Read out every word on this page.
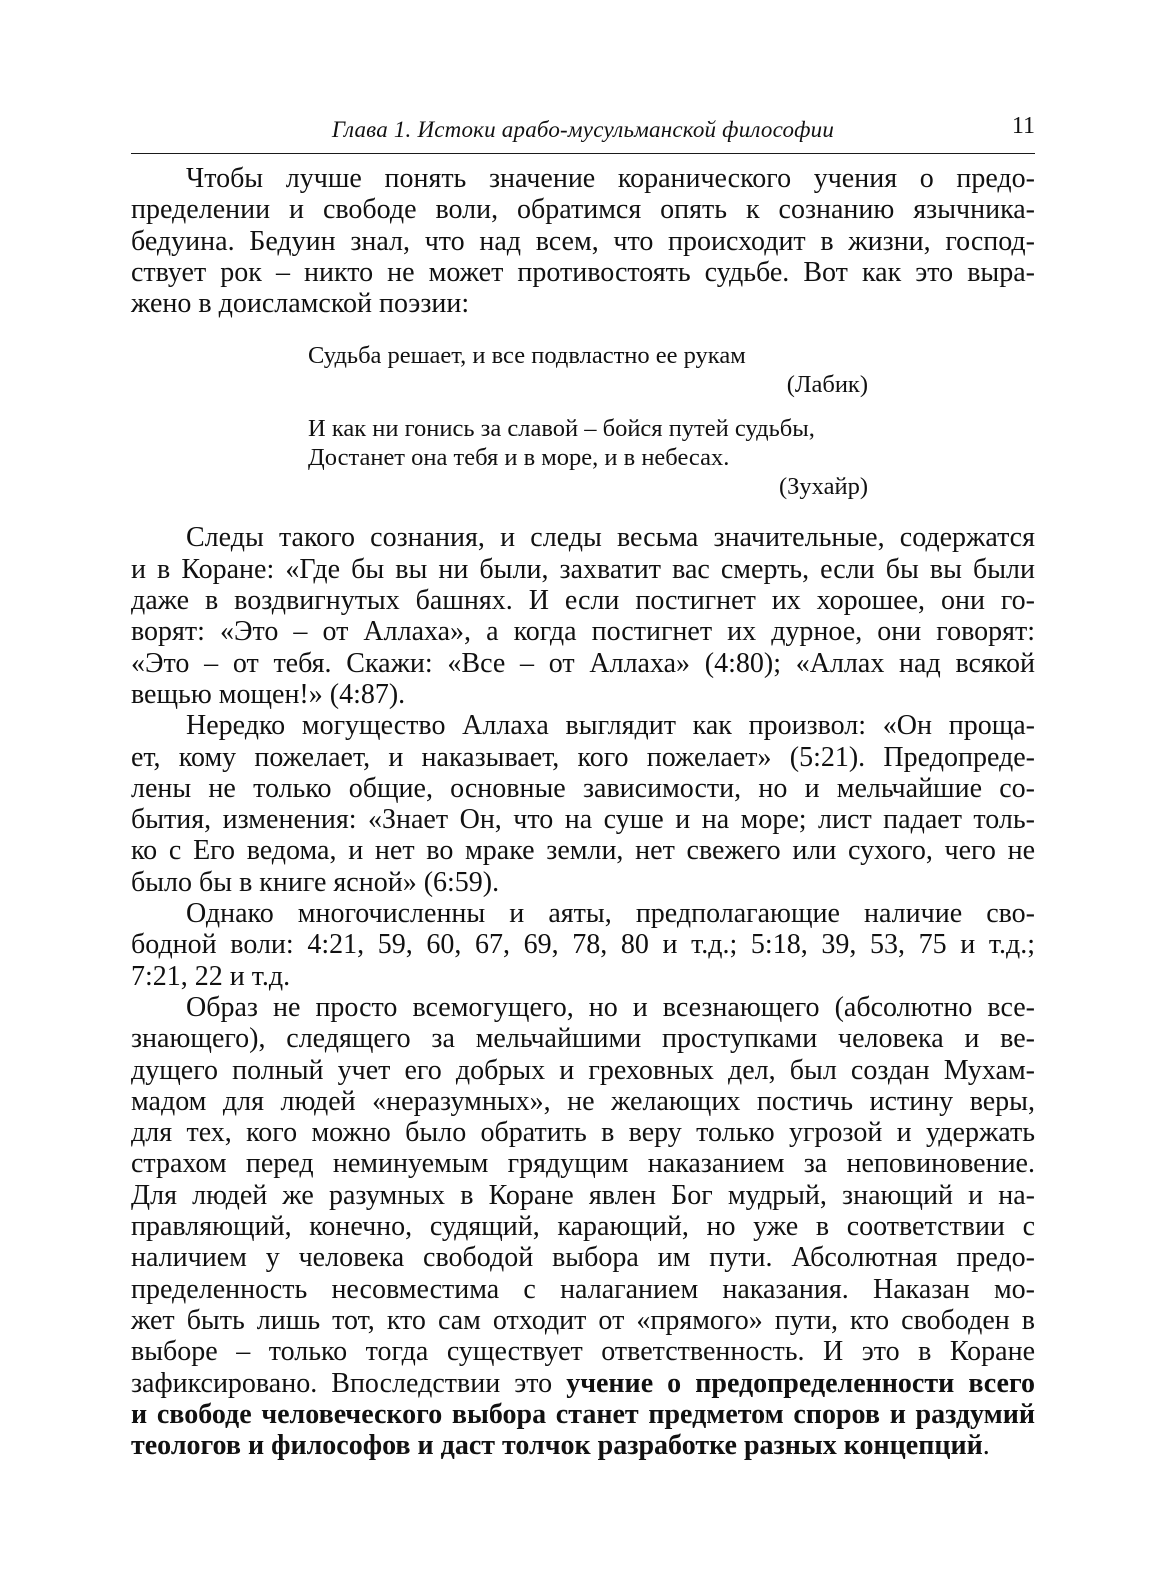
Глава 1. Истоки арабо-мусульманской философии	11
Чтобы лучше понять значение коранического учения о предо-
пределении и свободе воли, обратимся опять к сознанию язычника-
бедуина. Бедуин знал, что над всем, что происходит в жизни, господ-
ствует рок – никто не может противостоять судьбе. Вот как это выра-
жено в доисламской поэзии:
Судьба решает, и все подвластно ее рукам
(Лабик)
И как ни гонись за славой – бойся путей судьбы,
Достанет она тебя и в море, и в небесах.
(Зухайр)
Следы такого сознания, и следы весьма значительные, содержатся
и в Коране: «Где бы вы ни были, захватит вас смерть, если бы вы были
даже в воздвигнутых башнях. И если постигнет их хорошее, они го-
ворят: «Это – от Аллаха», а когда постигнет их дурное, они говорят:
«Это – от тебя. Скажи: «Все – от Аллаха» (4:80); «Аллах над всякой
вещью мощен!» (4:87).
Нередко могущество Аллаха выглядит как произвол: «Он проща-
ет, кому пожелает, и наказывает, кого пожелает» (5:21). Предопреде-
лены не только общие, основные зависимости, но и мельчайшие со-
бытия, изменения: «Знает Он, что на суше и на море; лист падает толь-
ко с Его ведома, и нет во мраке земли, нет свежего или сухого, чего не
было бы в книге ясной» (6:59).
Однако многочисленны и аяты, предполагающие наличие сво-
бодной воли: 4:21, 59, 60, 67, 69, 78, 80 и т.д.; 5:18, 39, 53, 75 и т.д.;
7:21, 22 и т.д.
Образ не просто всемогущего, но и всезнающего (абсолютно все-
знающего), следящего за мельчайшими проступками человека и ве-
дущего полный учет его добрых и греховных дел, был создан Мухам-
мадом для людей «неразумных», не желающих постичь истину веры,
для тех, кого можно было обратить в веру только угрозой и удержать
страхом перед неминуемым грядущим наказанием за неповиновение.
Для людей же разумных в Коране явлен Бог мудрый, знающий и на-
правляющий, конечно, судящий, карающий, но уже в соответствии с
наличием у человека свободой выбора им пути. Абсолютная предо-
пределенность несовместима с налаганием наказания. Наказан мо-
жет быть лишь тот, кто сам отходит от «прямого» пути, кто свободен в
выборе – только тогда существует ответственность. И это в Коране
зафиксировано. Впоследствии это учение о предопределенности всего
и свободе человеческого выбора станет предметом споров и раздумий
теологов и философов и даст толчок разработке разных концепций.
